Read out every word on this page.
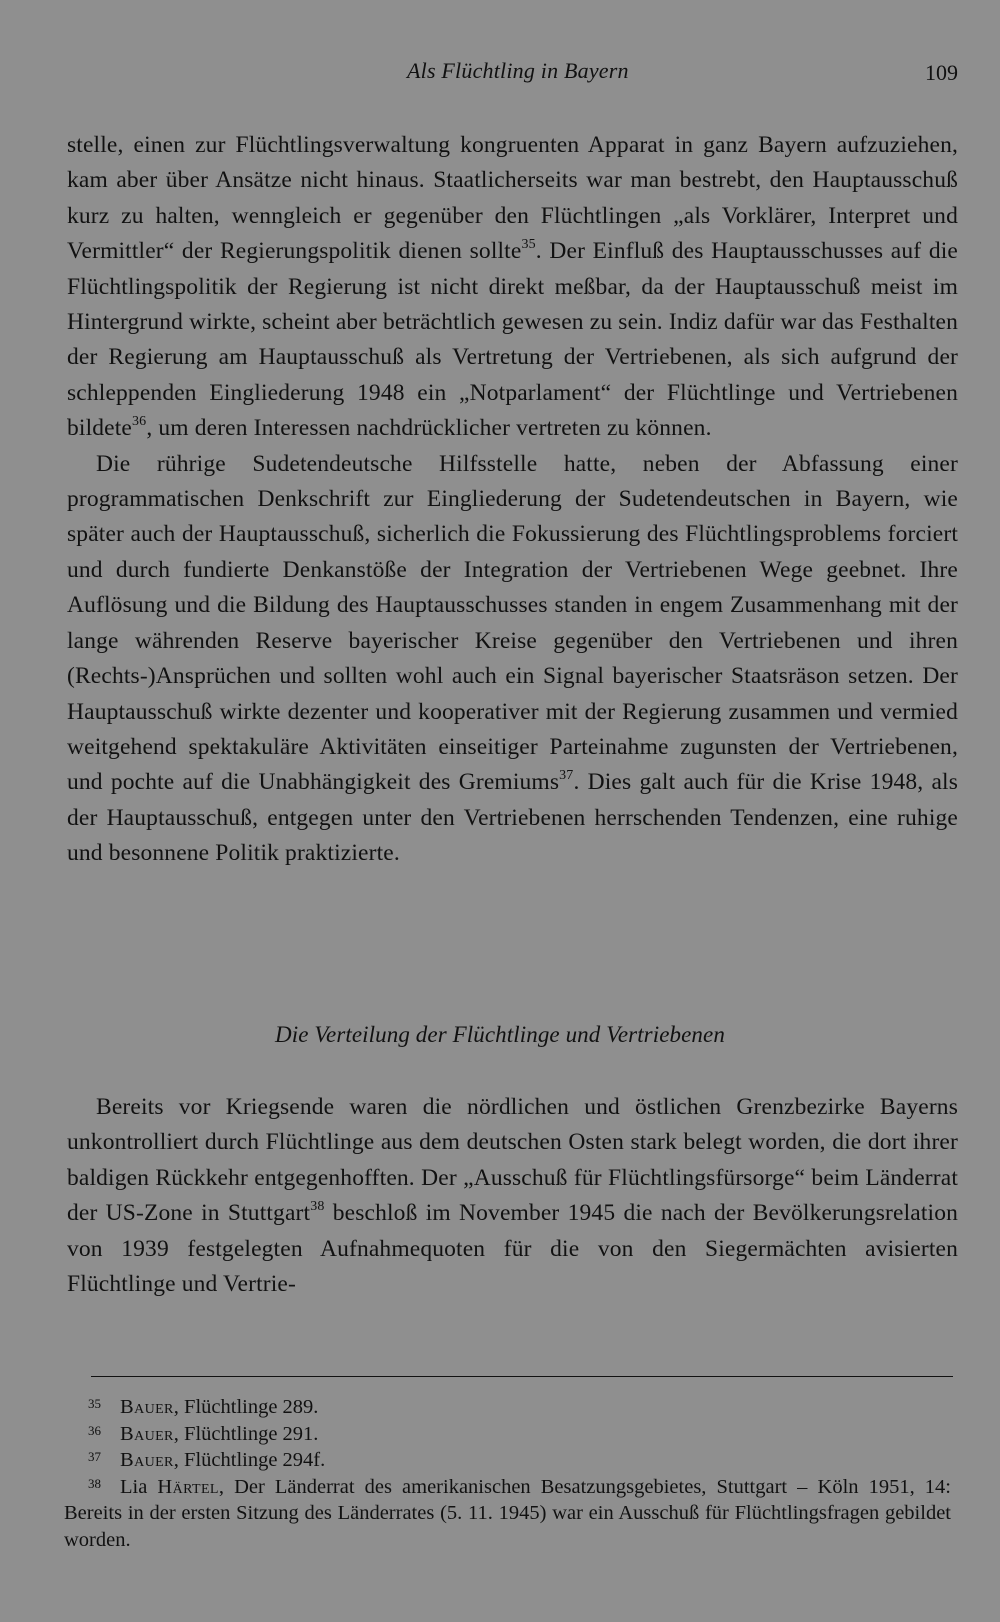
Als Flüchtling in Bayern	109

stelle, einen zur Flüchtlingsverwaltung kongruenten Apparat in ganz Bayern aufzuziehen, kam aber über Ansätze nicht hinaus. Staatlicherseits war man bestrebt, den Hauptausschuß kurz zu halten, wenngleich er gegenüber den Flüchtlingen „als Vorklärer, Interpret und Vermittler“ der Regierungspolitik dienen sollte$^{35}$. Der Einfluß des Hauptausschusses auf die Flüchtlingspolitik der Regierung ist nicht direkt meßbar, da der Hauptausschuß meist im Hintergrund wirkte, scheint aber beträchtlich gewesen zu sein. Indiz dafür war das Festhalten der Regierung am Hauptausschuß als Vertretung der Vertriebenen, als sich aufgrund der schleppenden Eingliederung 1948 ein „Notparlament“ der Flüchtlinge und Vertriebenen bildete$^{36}$, um deren Interessen nachdrücklicher vertreten zu können.

Die rührige Sudetendeutsche Hilfsstelle hatte, neben der Abfassung einer programmatischen Denkschrift zur Eingliederung der Sudetendeutschen in Bayern, wie später auch der Hauptausschuß, sicherlich die Fokussierung des Flüchtlingsproblems forciert und durch fundierte Denkanstöße der Integration der Vertriebenen Wege geebnet. Ihre Auflösung und die Bildung des Hauptausschusses standen in engem Zusammenhang mit der lange währenden Reserve bayerischer Kreise gegenüber den Vertriebenen und ihren (Rechts-)Ansprüchen und sollten wohl auch ein Signal bayerischer Staatsräson setzen. Der Hauptausschuß wirkte dezenter und kooperativer mit der Regierung zusammen und vermied weitgehend spektakuläre Aktivitäten einseitiger Parteinahme zugunsten der Vertriebenen, und pochte auf die Unabhängigkeit des Gremiums$^{37}$. Dies galt auch für die Krise 1948, als der Hauptausschuß, entgegen unter den Vertriebenen herrschenden Tendenzen, eine ruhige und besonnene Politik praktizierte.

Die Verteilung der Flüchtlinge und Vertriebenen

Bereits vor Kriegsende waren die nördlichen und östlichen Grenzbezirke Bayerns unkontrolliert durch Flüchtlinge aus dem deutschen Osten stark belegt worden, die dort ihrer baldigen Rückkehr entgegenhofften. Der „Ausschuß für Flüchtlingsfürsorge“ beim Länderrat der US-Zone in Stuttgart$^{38}$ beschloß im November 1945 die nach der Bevölkerungsrelation von 1939 festgelegten Aufnahmequoten für die von den Siegermächten avisierten Flüchtlinge und Vertrie-

35 Bauer, Flüchtlinge 289.

36 Bauer, Flüchtlinge 291.

37 Bauer, Flüchtlinge 294f.

38 Lia Härtel, Der Länderrat des amerikanischen Besatzungsgebietes, Stuttgart – Köln 1951, 14: Bereits in der ersten Sitzung des Länderrates (5. 11. 1945) war ein Ausschuß für Flüchtlingsfragen gebildet worden.
